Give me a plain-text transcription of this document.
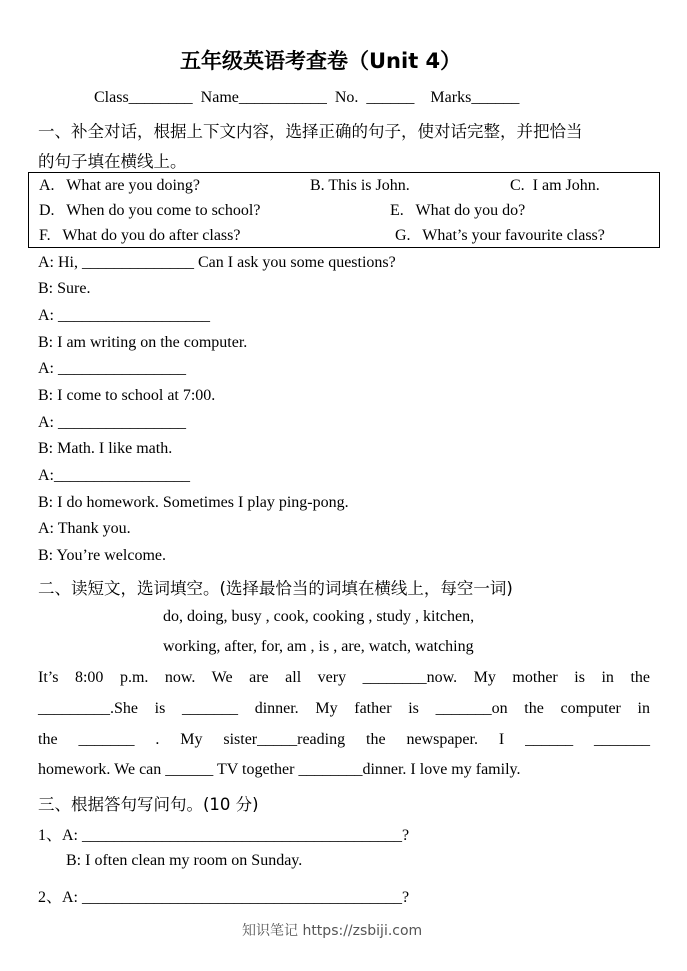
五年级英语考查卷（Unit 4）
Class________  Name___________  No.  ______    Marks______
一、补全对话，根据上下文内容，选择正确的句子，使对话完整，并把恰当
的句子填在横线上。
A.   What are you doing?	B. This is John.	C.  I am John.
D.   When do you come to school?	E.   What do you do?
F.   What do you do after class?	G.   What’s your favourite class?
A: Hi, ______________ Can I ask you some questions?
B: Sure.
A: ___________________
B: I am writing on the computer.
A: ________________
B: I come to school at 7:00.
A: ________________
B: Math. I like math.
A:_________________
B: I do homework. Sometimes I play ping-pong.
A: Thank you.
B: You’re welcome.
二、读短文，选词填空。(选择最恰当的词填在横线上，每空一词)
do, doing, busy , cook, cooking , study , kitchen,
working, after, for, am , is , are, watch, watching
It’s 8:00 p.m. now. We are all very ________now. My mother is in the
_________.She is _______ dinner. My father is _______on the computer in
the _______ . My sister_____reading the newspaper. I ______ _______
homework. We can ______ TV together ________dinner. I love my family.
三、根据答句写问句。(10 分)
1、A: ________________________________________?
B: I often clean my room on Sunday.
2、A: ________________________________________?
知识笔记 https://zsbiji.com
